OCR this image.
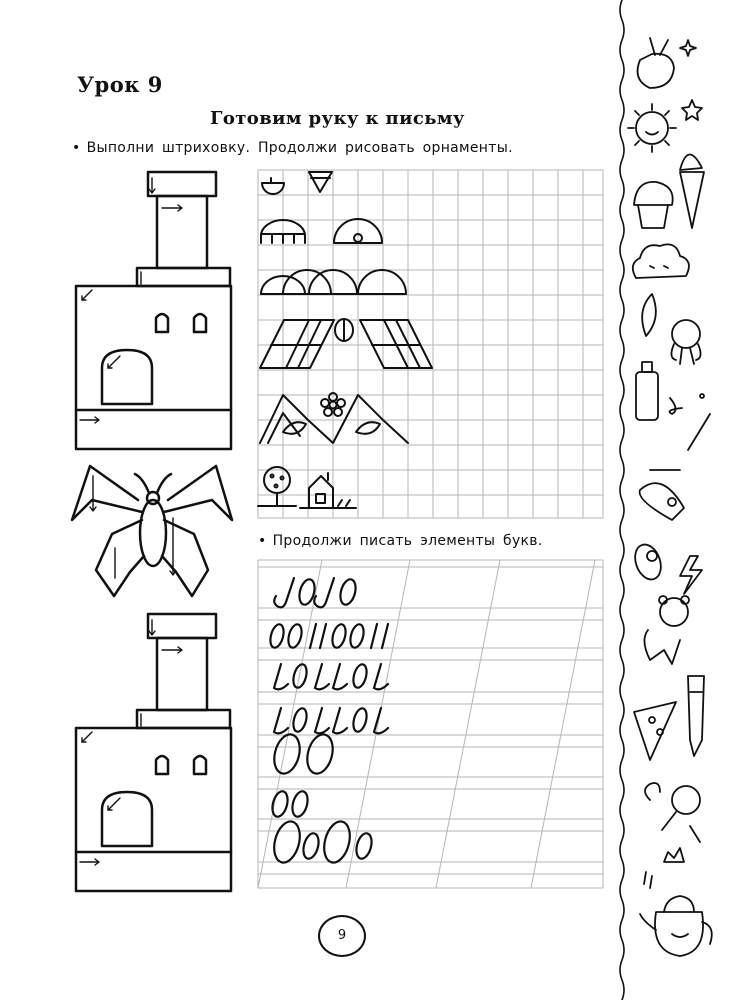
Урок 9
Готовим руку к письму
• Выполни штриховку. Продолжи рисовать орнаменты.
• Продолжи писать элементы букв.
9
